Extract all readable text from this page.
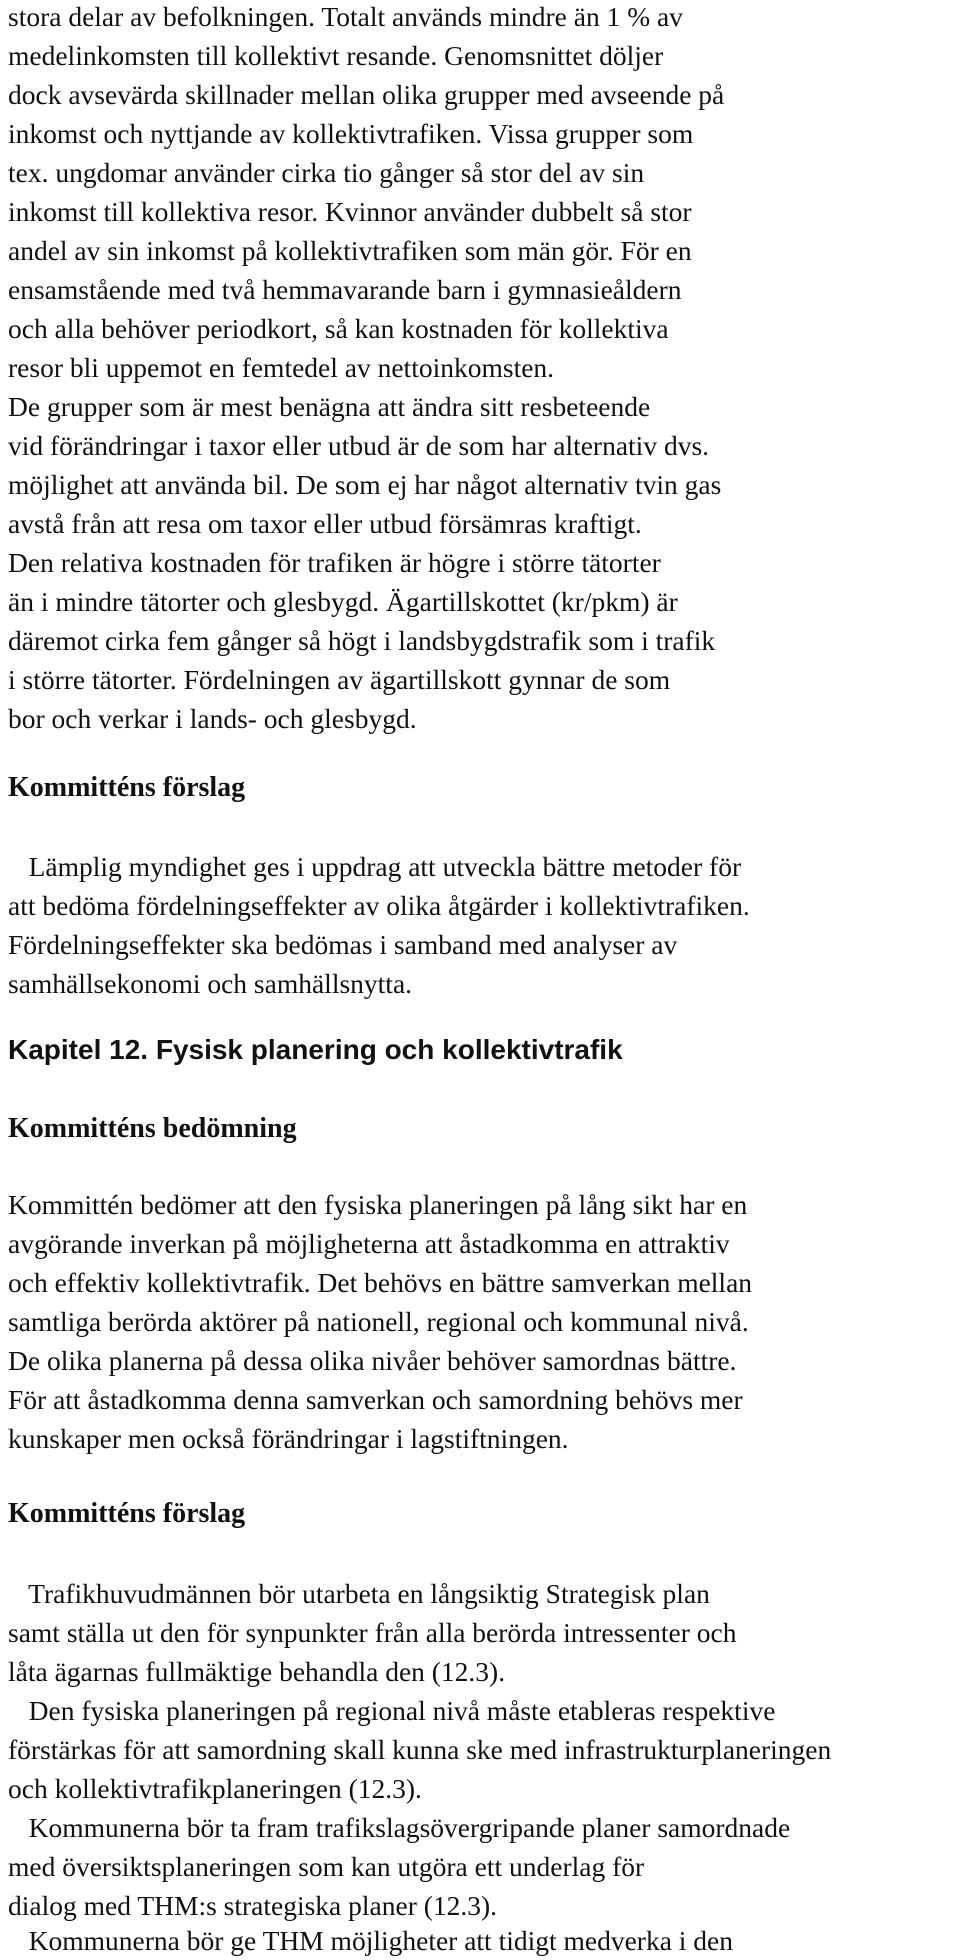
stora delar av befolkningen. Totalt används mindre än 1 % av

medelinkomsten till kollektivt resande. Genomsnittet döljer

dock avsevärda skillnader mellan olika grupper med avseende på

inkomst och nyttjande av kollektivtrafiken. Vissa grupper som

tex. ungdomar använder cirka tio gånger så stor del av sin

inkomst till kollektiva resor. Kvinnor använder dubbelt så stor

andel av sin inkomst på kollektivtrafiken som män gör. För en

ensamstående med två hemmavarande barn i gymnasieåldern

och alla behöver periodkort, så kan kostnaden för kollektiva

resor bli uppemot en femtedel av nettoinkomsten.

De grupper som är mest benägna att ändra sitt resbeteende

vid förändringar i taxor eller utbud är de som har alternativ dvs.

möjlighet att använda bil. De som ej har något alternativ tvin gas

avstå från att resa om taxor eller utbud försämras kraftigt.

Den relativa kostnaden för trafiken är högre i större tätorter

än i mindre tätorter och glesbygd. Ägartillskottet (kr/pkm) är

däremot cirka fem gånger så högt i landsbygdstrafik som i trafik

i större tätorter. Fördelningen av ägartillskott gynnar de som

bor och verkar i lands- och glesbygd.

Kommitténs förslag

Lämplig myndighet ges i uppdrag att utveckla bättre metoder för

att bedöma fördelningseffekter av olika åtgärder i kollektivtrafiken.

Fördelningseffekter ska bedömas i samband med analyser av

samhällsekonomi och samhällsnytta.

Kapitel 12. Fysisk planering och kollektivtrafik
Kommitténs bedömning

Kommittén bedömer att den fysiska planeringen på lång sikt har en

avgörande inverkan på möjligheterna att åstadkomma en attraktiv

och effektiv kollektivtrafik. Det behövs en bättre samverkan mellan

samtliga berörda aktörer på nationell, regional och kommunal nivå.

De olika planerna på dessa olika nivåer behöver samordnas bättre.

För att åstadkomma denna samverkan och samordning behövs mer

kunskaper men också förändringar i lagstiftningen.

Kommitténs förslag

Trafikhuvudmännen bör utarbeta en långsiktig Strategisk plan

samt ställa ut den för synpunkter från alla berörda intressenter och

låta ägarnas fullmäktige behandla den (12.3).

Den fysiska planeringen på regional nivå måste etableras respektive

förstärkas för att samordning skall kunna ske med infrastrukturplaneringen

och kollektivtrafikplaneringen (12.3).

Kommunerna bör ta fram trafikslagsövergripande planer samordnade

med översiktsplaneringen som kan utgöra ett underlag för

dialog med THM:s strategiska planer (12.3).

Kommunerna bör ge THM möjligheter att tidigt medverka i den
